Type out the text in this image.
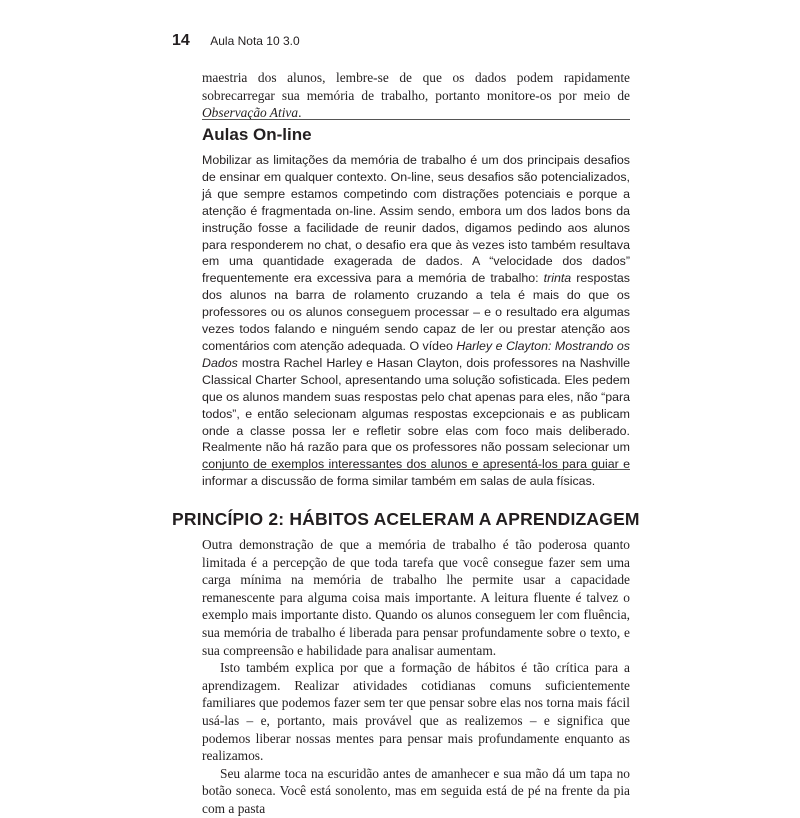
14 Aula Nota 10 3.0

maestria dos alunos, lembre-se de que os dados podem rapidamente sobrecarregar sua memória de trabalho, portanto monitore-os por meio de Observação Ativa.

Aulas On-line

Mobilizar as limitações da memória de trabalho é um dos principais desafios de ensinar em qualquer contexto. On-line, seus desafios são potencializados, já que sempre estamos competindo com distrações potenciais e porque a atenção é fragmentada on-line. Assim sendo, embora um dos lados bons da instrução fosse a facilidade de reunir dados, digamos pedindo aos alunos para responderem no chat, o desafio era que às vezes isto também resultava em uma quantidade exagerada de dados. A “velocidade dos dados” frequentemente era excessiva para a memória de trabalho: trinta respostas dos alunos na barra de rolamento cruzando a tela é mais do que os professores ou os alunos conseguem processar – e o resultado era algumas vezes todos falando e ninguém sendo capaz de ler ou prestar atenção aos comentários com atenção adequada. O vídeo Harley e Clayton: Mostrando os Dados mostra Rachel Harley e Hasan Clayton, dois professores na Nashville Classical Charter School, apresentando uma solução sofisticada. Eles pedem que os alunos mandem suas respostas pelo chat apenas para eles, não “para todos”, e então selecionam algumas respostas excepcionais e as publicam onde a classe possa ler e refletir sobre elas com foco mais deliberado. Realmente não há razão para que os professores não possam selecionar um conjunto de exemplos interessantes dos alunos e apresentá-los para guiar e informar a discussão de forma similar também em salas de aula físicas.

PRINCÍPIO 2: HÁBITOS ACELERAM A APRENDIZAGEM

Outra demonstração de que a memória de trabalho é tão poderosa quanto limitada é a percepção de que toda tarefa que você consegue fazer sem uma carga mínima na memória de trabalho lhe permite usar a capacidade remanescente para alguma coisa mais importante. A leitura fluente é talvez o exemplo mais importante disto. Quando os alunos conseguem ler com fluência, sua memória de trabalho é liberada para pensar profundamente sobre o texto, e sua compreensão e habilidade para analisar aumentam.

Isto também explica por que a formação de hábitos é tão crítica para a aprendizagem. Realizar atividades cotidianas comuns suficientemente familiares que podemos fazer sem ter que pensar sobre elas nos torna mais fácil usá-las – e, portanto, mais provável que as realizemos – e significa que podemos liberar nossas mentes para pensar mais profundamente enquanto as realizamos.

Seu alarme toca na escuridão antes de amanhecer e sua mão dá um tapa no botão soneca. Você está sonolento, mas em seguida está de pé na frente da pia com a pasta
